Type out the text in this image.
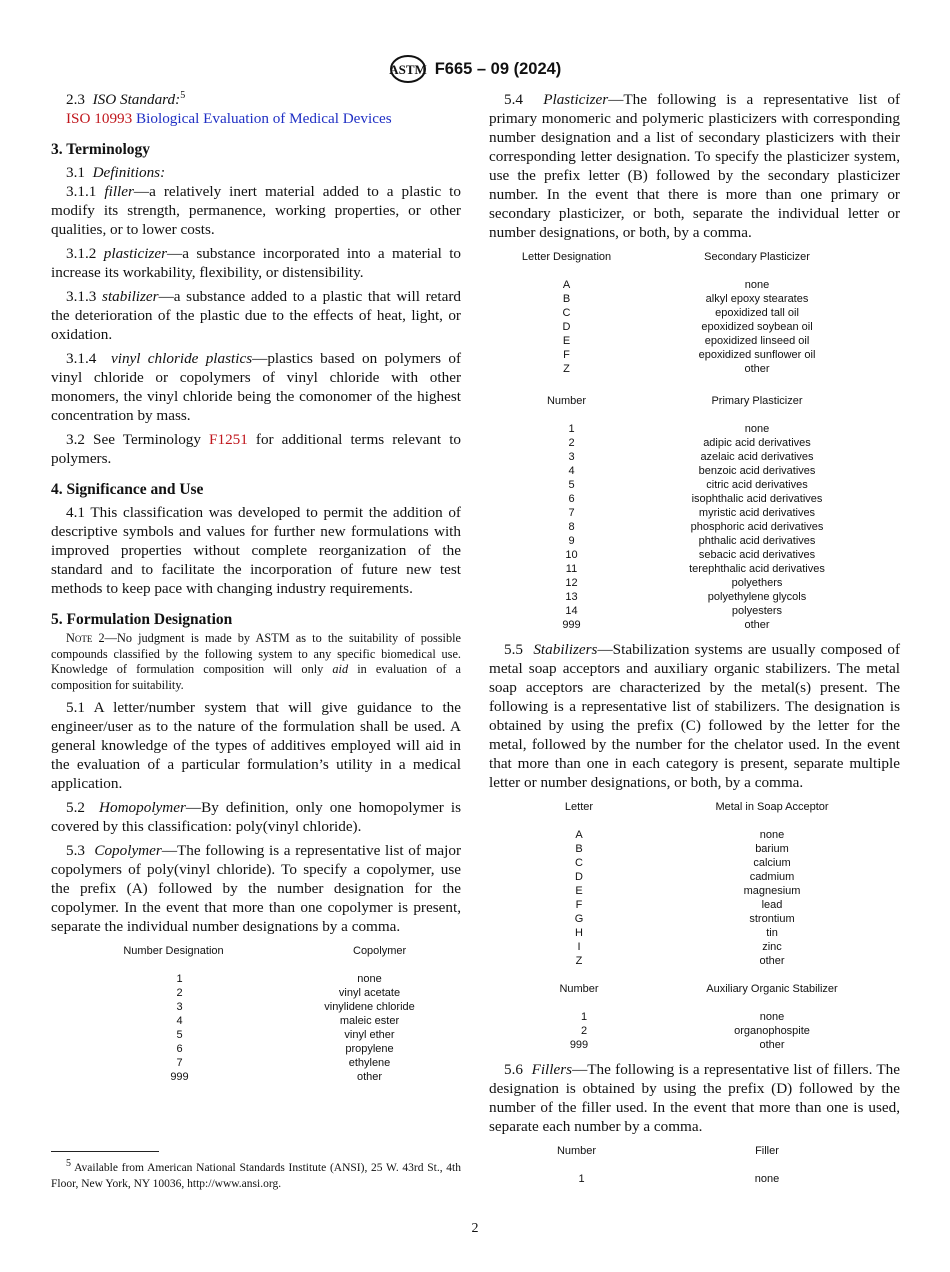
ASTM F665 – 09 (2024)

2.3 ISO Standard:$^5$

ISO 10993 Biological Evaluation of Medical Devices

3. Terminology

3.1 Definitions:

3.1.1 filler—a relatively inert material added to a plastic to modify its strength, permanence, working properties, or other qualities, or to lower costs.

3.1.2 plasticizer—a substance incorporated into a material to increase its workability, flexibility, or distensibility.

3.1.3 stabilizer—a substance added to a plastic that will retard the deterioration of the plastic due to the effects of heat, light, or oxidation.

3.1.4 vinyl chloride plastics—plastics based on polymers of vinyl chloride or copolymers of vinyl chloride with other monomers, the vinyl chloride being the comonomer of the highest concentration by mass.

3.2 See Terminology F1251 for additional terms relevant to polymers.

4. Significance and Use

4.1 This classification was developed to permit the addition of descriptive symbols and values for further new formulations with improved properties without complete reorganization of the standard and to facilitate the incorporation of future new test methods to keep pace with changing industry requirements.

5. Formulation Designation

Note 2—No judgment is made by ASTM as to the suitability of possible compounds classified by the following system to any specific biomedical use. Knowledge of formulation composition will only aid in evaluation of a composition for suitability.

5.1 A letter/number system that will give guidance to the engineer/user as to the nature of the formulation shall be used. A general knowledge of the types of additives employed will aid in the evaluation of a particular formulation’s utility in a medical application.

5.2 Homopolymer—By definition, only one homopolymer is covered by this classification: poly(vinyl chloride).

5.3 Copolymer—The following is a representative list of major copolymers of poly(vinyl chloride). To specify a copolymer, use the prefix (A) followed by the number designation for the copolymer. In the event that more than one copolymer is present, separate the individual number designations by a comma.

Number Designation	Copolymer
1	none
2	vinyl acetate
3	vinylidene chloride
4	maleic ester
5	vinyl ether
6	propylene
7	ethylene
999	other
$^5$ Available from American National Standards Institute (ANSI), 25 W. 43rd St., 4th Floor, New York, NY 10036, http://www.ansi.org.

5.4 Plasticizer—The following is a representative list of primary monomeric and polymeric plasticizers with corresponding number designation and a list of secondary plasticizers with their corresponding letter designation. To specify the plasticizer system, use the prefix letter (B) followed by the secondary plasticizer number. In the event that there is more than one primary or secondary plasticizer, or both, separate the individual letter or number designations, or both, by a comma.

Letter Designation	Secondary Plasticizer
A	none
B	alkyl epoxy stearates
C	epoxidized tall oil
D	epoxidized soybean oil
E	epoxidized linseed oil
F	epoxidized sunflower oil
Z	other
Number	Primary Plasticizer
1	none
2	adipic acid derivatives
3	azelaic acid derivatives
4	benzoic acid derivatives
5	citric acid derivatives
6	isophthalic acid derivatives
7	myristic acid derivatives
8	phosphoric acid derivatives
9	phthalic acid derivatives
10	sebacic acid derivatives
11	terephthalic acid derivatives
12	polyethers
13	polyethylene glycols
14	polyesters
999	other

5.5 Stabilizers—Stabilization systems are usually composed of metal soap acceptors and auxiliary organic stabilizers. The metal soap acceptors are characterized by the metal(s) present. The following is a representative list of stabilizers. The designation is obtained by using the prefix (C) followed by the letter for the metal, followed by the number for the chelator used. In the event that more than one in each category is present, separate multiple letter or number designations, or both, by a comma.

Letter	Metal in Soap Acceptor
A	none
B	barium
C	calcium
D	cadmium
E	magnesium
F	lead
G	strontium
H	tin
I	zinc
Z	other
Number	Auxiliary Organic Stabilizer
1	none
2	organophospite
999	other

5.6 Fillers—The following is a representative list of fillers. The designation is obtained by using the prefix (D) followed by the number of the filler used. In the event that more than one is used, separate each number by a comma.

Number	Filler
1	none
2
